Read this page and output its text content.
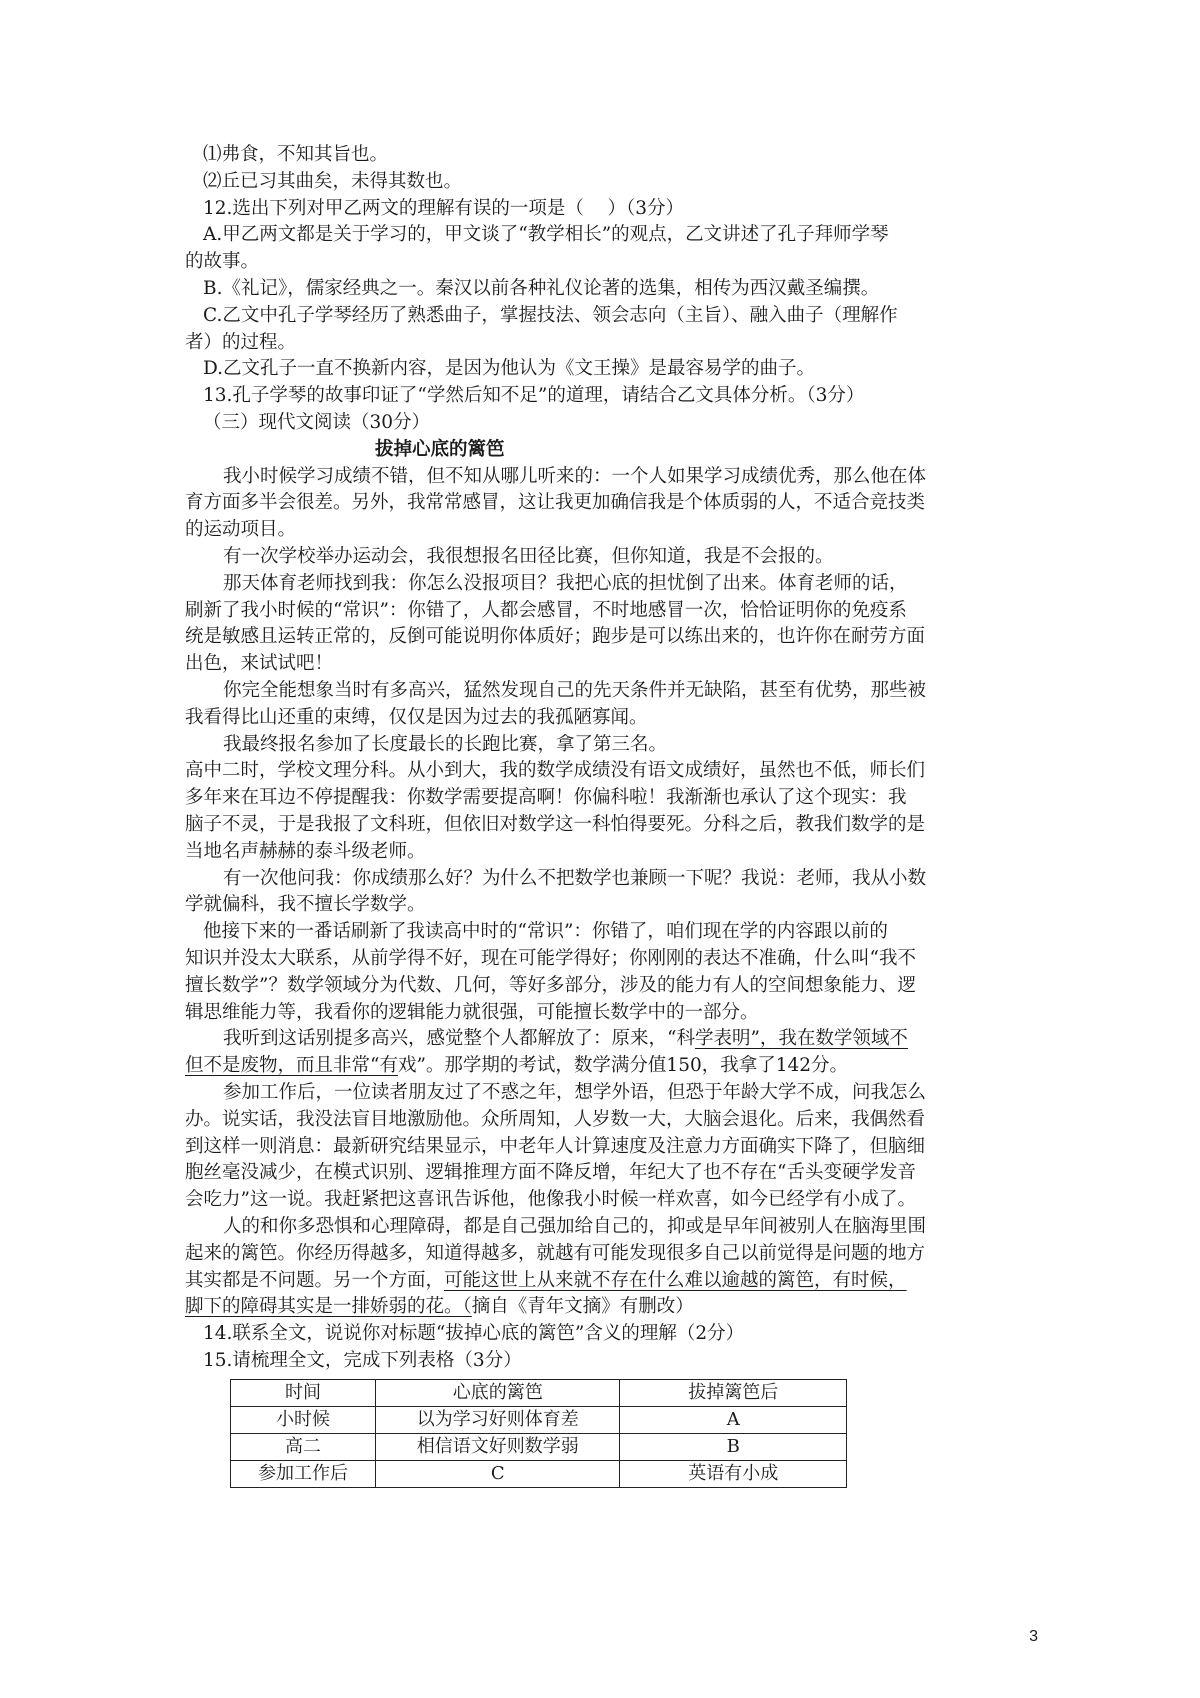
⑴弗食，不知其旨也。
⑵丘已习其曲矣，未得其数也。
12.选出下列对甲乙两文的理解有误的一项是（    ）（3分）
A.甲乙两文都是关于学习的，甲文谈了“教学相长”的观点，乙文讲述了孔子拜师学琴
的故事。
B.《礼记》，儒家经典之一。秦汉以前各种礼仪论著的选集，相传为西汉戴圣编撰。
C.乙文中孔子学琴经历了熟悉曲子，掌握技法、领会志向（主旨）、融入曲子（理解作
者）的过程。
D.乙文孔子一直不换新内容，是因为他认为《文王操》是最容易学的曲子。
13.孔子学琴的故事印证了“学然后知不足”的道理，请结合乙文具体分析。（3分）
（三）现代文阅读（30分）
拔掉心底的篱笆
我小时候学习成绩不错，但不知从哪儿听来的：一个人如果学习成绩优秀，那么他在体
育方面多半会很差。另外，我常常感冒，这让我更加确信我是个体质弱的人，不适合竞技类
的运动项目。
有一次学校举办运动会，我很想报名田径比赛，但你知道，我是不会报的。
那天体育老师找到我：你怎么没报项目？我把心底的担忧倒了出来。体育老师的话，
刷新了我小时候的“常识”：你错了，人都会感冒，不时地感冒一次，恰恰证明你的免疫系
统是敏感且运转正常的，反倒可能说明你体质好；跑步是可以练出来的，也许你在耐劳方面
出色，来试试吧！
你完全能想象当时有多高兴，猛然发现自己的先天条件并无缺陷，甚至有优势，那些被
我看得比山还重的束缚，仅仅是因为过去的我孤陋寡闻。
我最终报名参加了长度最长的长跑比赛，拿了第三名。
高中二时，学校文理分科。从小到大，我的数学成绩没有语文成绩好，虽然也不低，师长们
多年来在耳边不停提醒我：你数学需要提高啊！你偏科啦！我渐渐也承认了这个现实：我
脑子不灵，于是我报了文科班，但依旧对数学这一科怕得要死。分科之后，教我们数学的是
当地名声赫赫的泰斗级老师。
有一次他问我：你成绩那么好？为什么不把数学也兼顾一下呢？我说：老师，我从小数
学就偏科，我不擅长学数学。
他接下来的一番话刷新了我读高中时的“常识”：你错了，咱们现在学的内容跟以前的
知识并没太大联系，从前学得不好，现在可能学得好；你刚刚的表达不准确，什么叫“我不
擅长数学”？数学领域分为代数、几何，等好多部分，涉及的能力有人的空间想象能力、逻
辑思维能力等，我看你的逻辑能力就很强，可能擅长数学中的一部分。
我听到这话别提多高兴，感觉整个人都解放了：原来，“科学表明”，我在数学领域不
但不是废物，而且非常“有戏”。那学期的考试，数学满分值150，我拿了142分。
参加工作后，一位读者朋友过了不惑之年，想学外语，但恐于年龄大学不成，问我怎么
办。说实话，我没法盲目地激励他。众所周知，人岁数一大，大脑会退化。后来，我偶然看
到这样一则消息：最新研究结果显示，中老年人计算速度及注意力方面确实下降了，但脑细
胞丝毫没减少，在模式识别、逻辑推理方面不降反增，年纪大了也不存在“舌头变硬学发音
会吃力”这一说。我赶紧把这喜讯告诉他，他像我小时候一样欢喜，如今已经学有小成了。
人的和你多恐惧和心理障碍，都是自己强加给自己的，抑或是早年间被别人在脑海里围
起来的篱笆。你经历得越多，知道得越多，就越有可能发现很多自己以前觉得是问题的地方
其实都是不问题。另一个方面，可能这世上从来就不存在什么难以逾越的篱笆，有时候，
脚下的障碍其实是一排娇弱的花。（摘自《青年文摘》有删改）
14.联系全文，说说你对标题“拔掉心底的篱笆”含义的理解（2分）
15.请梳理全文，完成下列表格（3分）
时间	心底的篱笆	拔掉篱笆后
小时候	以为学习好则体育差	A
高二	相信语文好则数学弱	B
参加工作后	C	英语有小成
3
